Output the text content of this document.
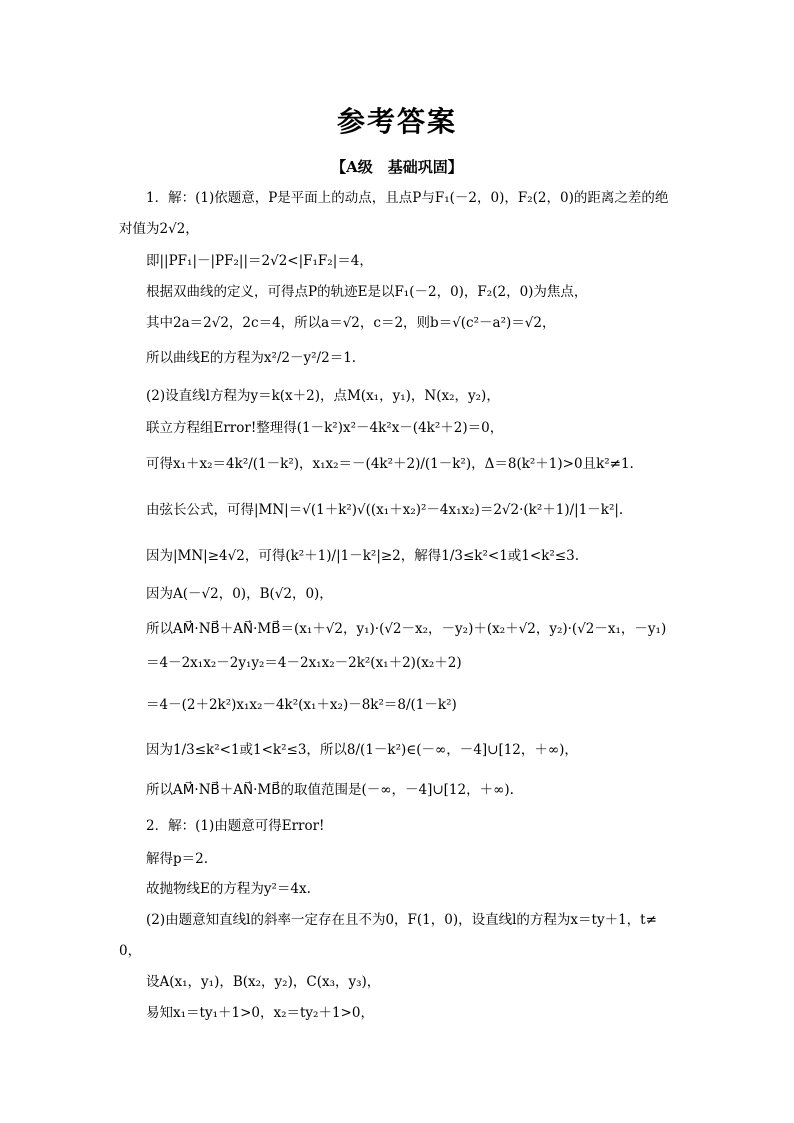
参考答案
【A级　基础巩固】
1．解：(1)依题意，P是平面上的动点，且点P与F₁(－2，0)，F₂(2，0)的距离之差的绝
对值为2√2，
即||PF₁|－|PF₂||＝2√2<|F₁F₂|＝4，
根据双曲线的定义，可得点P的轨迹E是以F₁(－2，0)，F₂(2，0)为焦点，
其中2a＝2√2，2c＝4，所以a＝√2，c＝2，则b＝√(c²－a²)＝√2，
所以曲线E的方程为x²/2－y²/2＝1.
(2)设直线l方程为y＝k(x＋2)，点M(x₁，y₁)，N(x₂，y₂)，
联立方程组Error!整理得(1－k²)x²－4k²x－(4k²＋2)＝0，
可得x₁＋x₂＝4k²/(1－k²)，x₁x₂＝－(4k²＋2)/(1－k²)，Δ＝8(k²＋1)>0且k²≠1.
由弦长公式，可得|MN|＝√(1＋k²)√((x₁＋x₂)²－4x₁x₂)＝2√2·(k²＋1)/|1－k²|.
因为|MN|≥4√2，可得(k²＋1)/|1－k²|≥2，解得1/3≤k²<1或1<k²≤3.
因为A(－√2，0)，B(√2，0)，
所以AM⃗·NB⃗＋AN⃗·MB⃗＝(x₁＋√2，y₁)·(√2－x₂，－y₂)＋(x₂＋√2，y₂)·(√2－x₁，－y₁)
＝4－2x₁x₂－2y₁y₂＝4－2x₁x₂－2k²(x₁＋2)(x₂＋2)
＝4－(2＋2k²)x₁x₂－4k²(x₁＋x₂)－8k²＝8/(1－k²)
因为1/3≤k²<1或1<k²≤3，所以8/(1－k²)∈(－∞，－4]∪[12，＋∞)，
所以AM⃗·NB⃗＋AN⃗·MB⃗的取值范围是(－∞，－4]∪[12，＋∞).
2．解：(1)由题意可得Error!
解得p＝2.
故抛物线E的方程为y²＝4x.
(2)由题意知直线l的斜率一定存在且不为0，F(1，0)，设直线l的方程为x＝ty＋1，t≠
0，
设A(x₁，y₁)，B(x₂，y₂)，C(x₃，y₃)，
易知x₁＝ty₁＋1>0，x₂＝ty₂＋1>0，
